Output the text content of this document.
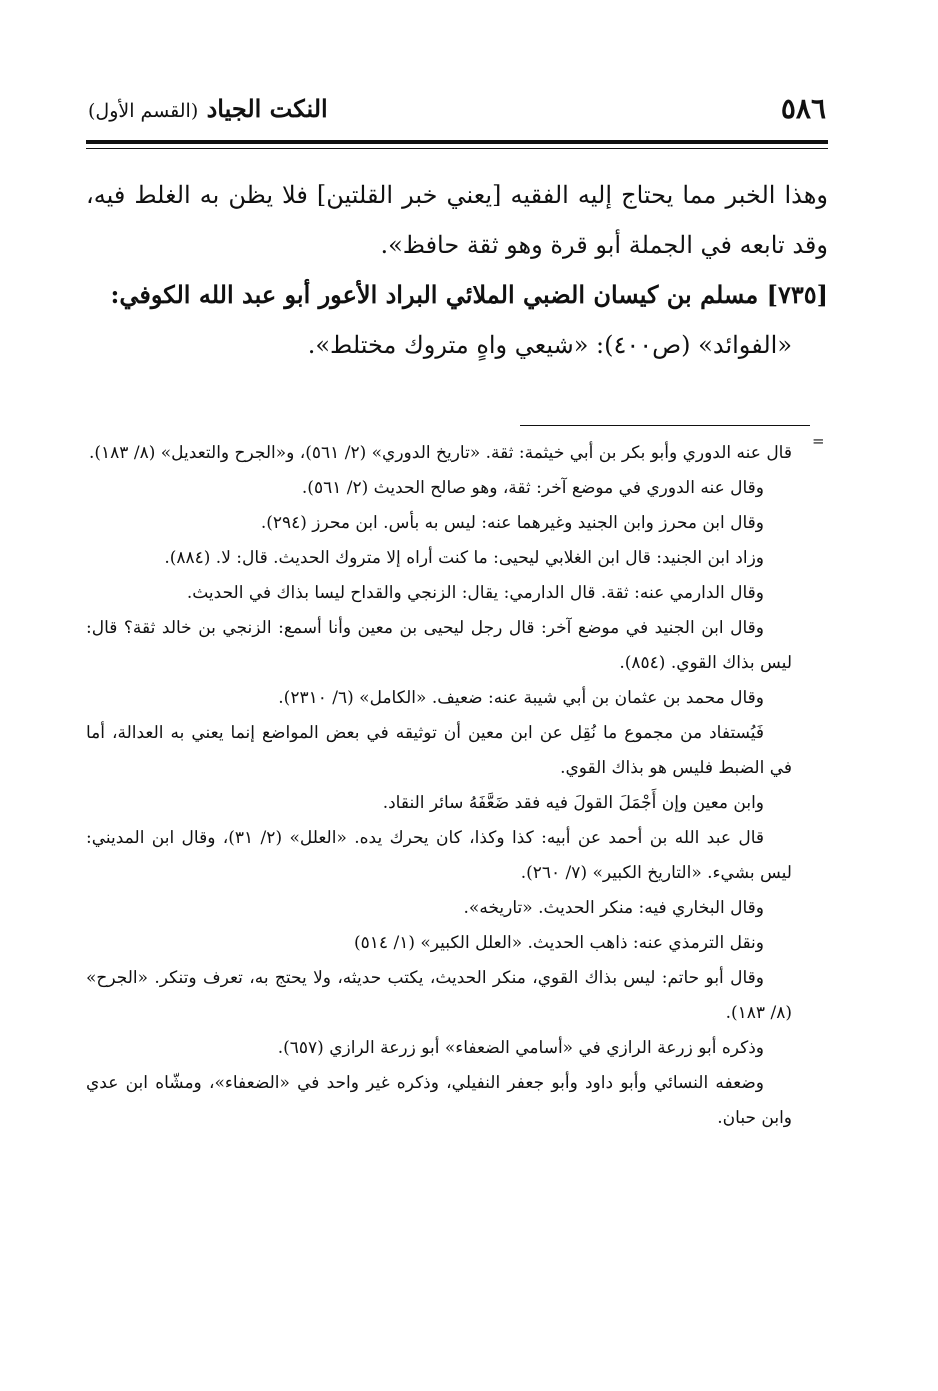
٥٨٦
النكت الجياد (القسم الأول)

وهذا الخبر مما يحتاج إليه الفقيه [يعني خبر القلتين] فلا يظن به الغلط فيه، وقد تابعه في الجملة أبو قرة وهو ثقة حافظ».

[٧٣٥] مسلم بن كيسان الضبي الملائي البراد الأعور أبو عبد الله الكوفي:

«الفوائد» (ص٤٠٠): «شيعي واهٍ متروك مختلط».

=

قال عنه الدوري وأبو بكر بن أبي خيثمة: ثقة. «تاريخ الدوري» (٢/ ٥٦١)، و«الجرح والتعديل» (٨/ ١٨٣).

وقال عنه الدوري في موضع آخر: ثقة، وهو صالح الحديث (٢/ ٥٦١).

وقال ابن محرز وابن الجنيد وغيرهما عنه: ليس به بأس. ابن محرز (٢٩٤).

وزاد ابن الجنيد: قال ابن الغلابي ليحيى: ما كنت أراه إلا متروك الحديث. قال: لا. (٨٨٤).

وقال الدارمي عنه: ثقة. قال الدارمي: يقال: الزنجي والقداح ليسا بذاك في الحديث.

وقال ابن الجنيد في موضع آخر: قال رجل ليحيى بن معين وأنا أسمع: الزنجي بن خالد ثقة؟ قال: ليس بذاك القوي. (٨٥٤).

وقال محمد بن عثمان بن أبي شيبة عنه: ضعيف. «الكامل» (٦/ ٢٣١٠).

فَيُستفاد من مجموع ما نُقِل عن ابن معين أن توثيقه في بعض المواضع إنما يعني به العدالة، أما في الضبط فليس هو بذاك القوي.

وابن معين وإن أَجْمَلَ القولَ فيه فقد ضَعَّفَهُ سائر النقاد.

قال عبد الله بن أحمد عن أبيه: كذا وكذا، كان يحرك يده. «العلل» (٢/ ٣١)، وقال ابن المديني: ليس بشيء. «التاريخ الكبير» (٧/ ٢٦٠).

وقال البخاري فيه: منكر الحديث. «تاريخه».

ونقل الترمذي عنه: ذاهب الحديث. «العلل الكبير» (١/ ٥١٤)

وقال أبو حاتم: ليس بذاك القوي، منكر الحديث، يكتب حديثه، ولا يحتج به، تعرف وتنكر. «الجرح» (٨/ ١٨٣).

وذكره أبو زرعة الرازي في «أسامي الضعفاء» أبو زرعة الرازي (٦٥٧).

وضعفه النسائي وأبو داود وأبو جعفر النفيلي، وذكره غير واحد في «الضعفاء»، ومشّاه ابن عدي وابن حبان.
